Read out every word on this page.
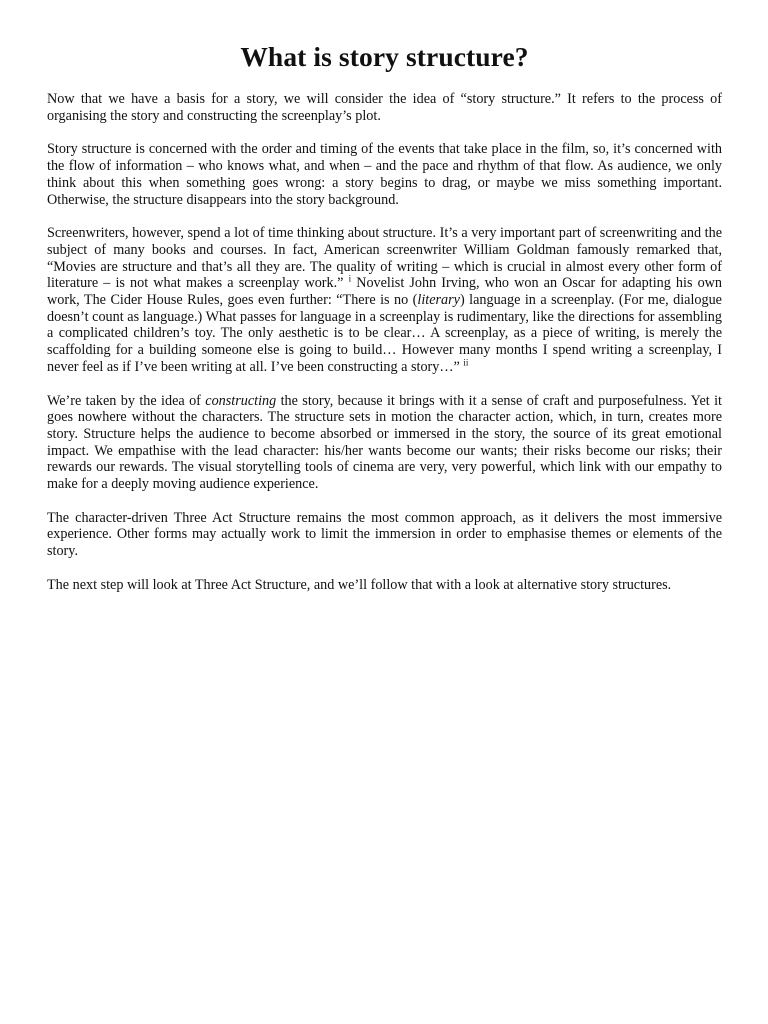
What is story structure?

Now that we have a basis for a story, we will consider the idea of “story structure.” It refers to the process of organising the story and constructing the screenplay’s plot.

Story structure is concerned with the order and timing of the events that take place in the film, so, it’s concerned with the flow of information – who knows what, and when – and the pace and rhythm of that flow. As audience, we only think about this when something goes wrong: a story begins to drag, or maybe we miss something important. Otherwise, the structure disappears into the story background.

Screenwriters, however, spend a lot of time thinking about structure. It’s a very important part of screenwriting and the subject of many books and courses. In fact, American screenwriter William Goldman famously remarked that, “Movies are structure and that’s all they are. The quality of writing – which is crucial in almost every other form of literature – is not what makes a screenplay work.” $^i$ Novelist John Irving, who won an Oscar for adapting his own work, The Cider House Rules, goes even further: “There is no (literary) language in a screenplay. (For me, dialogue doesn’t count as language.) What passes for language in a screenplay is rudimentary, like the directions for assembling a complicated children’s toy. The only aesthetic is to be clear… A screenplay, as a piece of writing, is merely the scaffolding for a building someone else is going to build… However many months I spend writing a screenplay, I never feel as if I’ve been writing at all. I’ve been constructing a story…” $^{ii}$

We’re taken by the idea of constructing the story, because it brings with it a sense of craft and purposefulness. Yet it goes nowhere without the characters. The structure sets in motion the character action, which, in turn, creates more story. Structure helps the audience to become absorbed or immersed in the story, the source of its great emotional impact. We empathise with the lead character: his/her wants become our wants; their risks become our risks; their rewards our rewards. The visual storytelling tools of cinema are very, very powerful, which link with our empathy to make for a deeply moving audience experience.

The character-driven Three Act Structure remains the most common approach, as it delivers the most immersive experience. Other forms may actually work to limit the immersion in order to emphasise themes or elements of the story.

The next step will look at Three Act Structure, and we’ll follow that with a look at alternative story structures.
